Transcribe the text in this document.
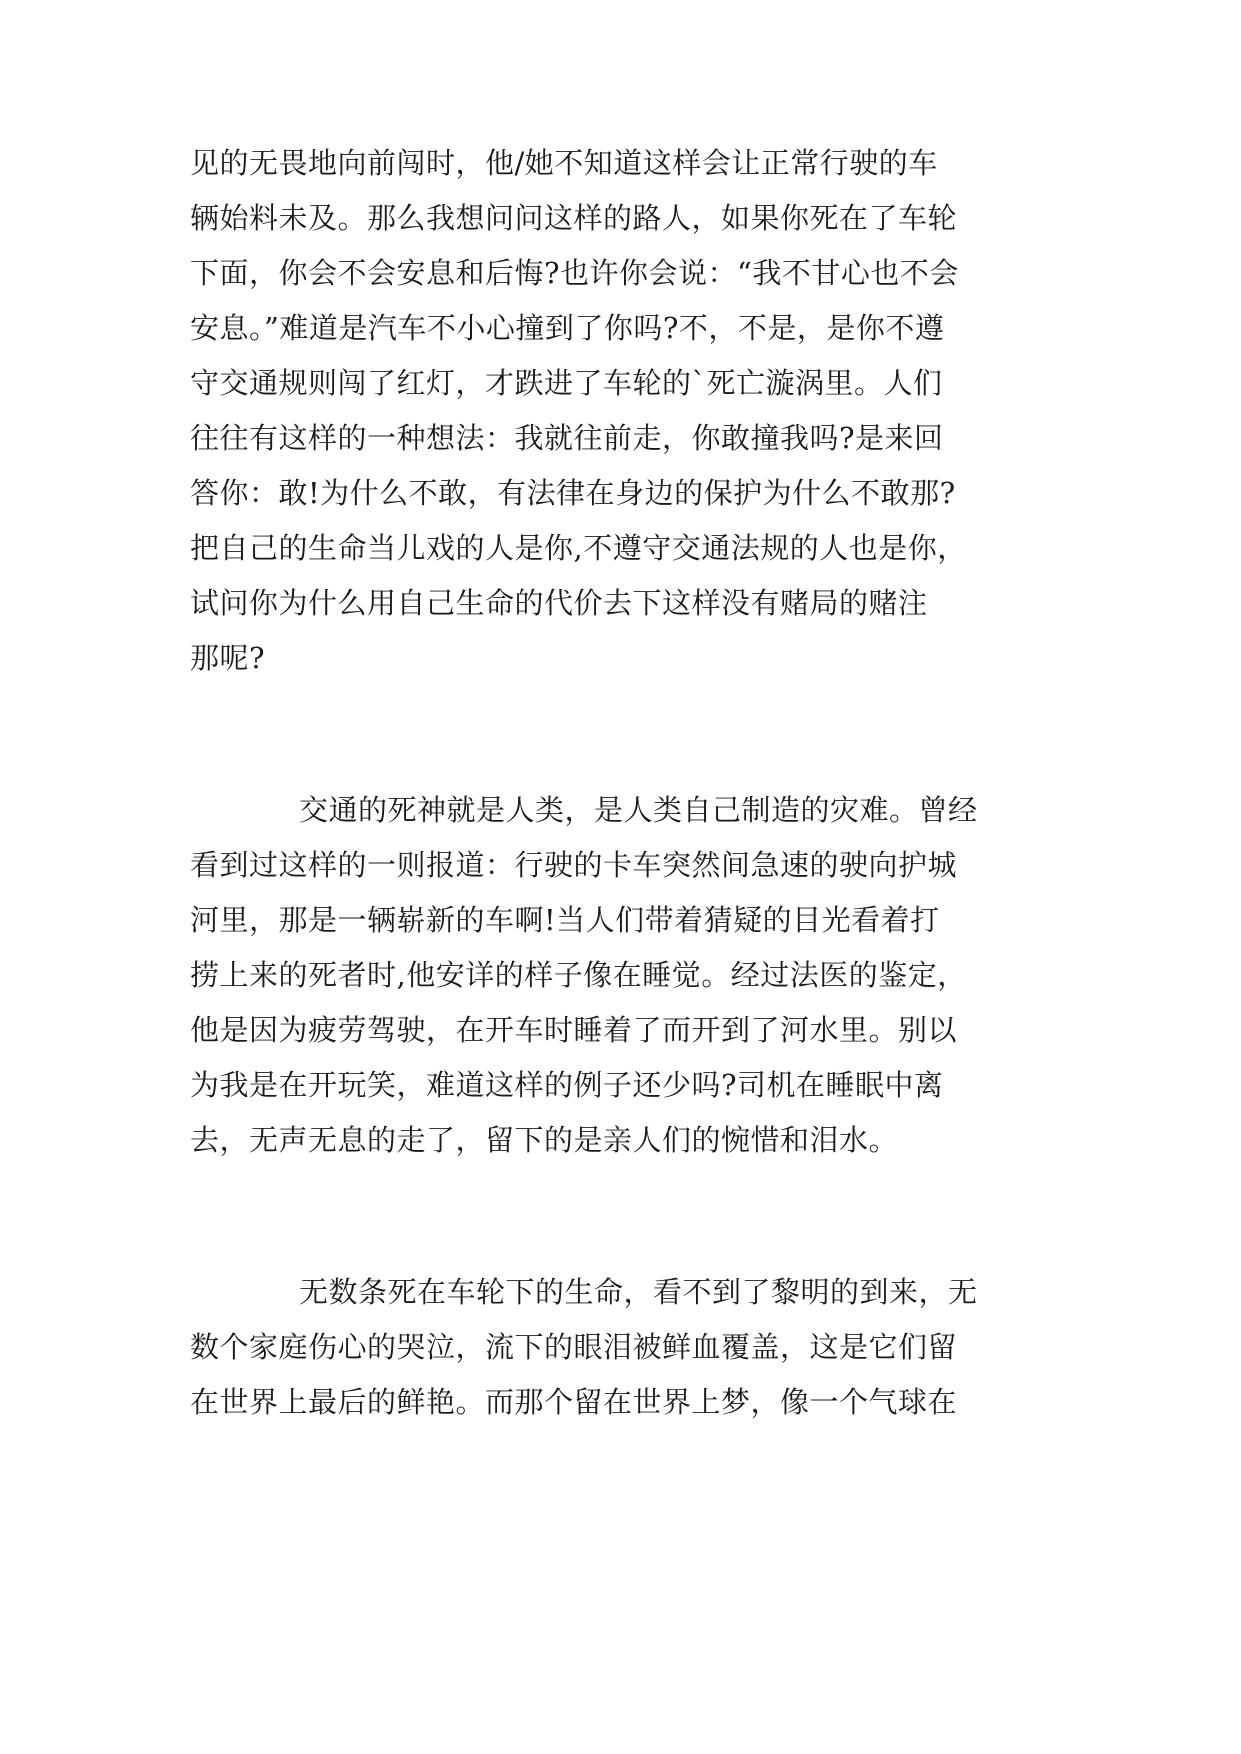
见的无畏地向前闯时，他/她不知道这样会让正常行驶的车
辆始料未及。那么我想问问这样的路人，如果你死在了车轮
下面，你会不会安息和后悔?也许你会说：“我不甘心也不会
安息。”难道是汽车不小心撞到了你吗?不，不是，是你不遵
守交通规则闯了红灯，才跌进了车轮的`死亡漩涡里。人们
往往有这样的一种想法：我就往前走，你敢撞我吗?是来回
答你：敢!为什么不敢，有法律在身边的保护为什么不敢那?
把自己的生命当儿戏的人是你,不遵守交通法规的人也是你，
试问你为什么用自己生命的代价去下这样没有赌局的赌注
那呢?
交通的死神就是人类，是人类自己制造的灾难。曾经
看到过这样的一则报道：行驶的卡车突然间急速的驶向护城
河里，那是一辆崭新的车啊!当人们带着猜疑的目光看着打
捞上来的死者时,他安详的样子像在睡觉。经过法医的鉴定，
他是因为疲劳驾驶，在开车时睡着了而开到了河水里。别以
为我是在开玩笑，难道这样的例子还少吗?司机在睡眠中离
去，无声无息的走了，留下的是亲人们的惋惜和泪水。
无数条死在车轮下的生命，看不到了黎明的到来，无
数个家庭伤心的哭泣，流下的眼泪被鲜血覆盖，这是它们留
在世界上最后的鲜艳。而那个留在世界上梦，像一个气球在
